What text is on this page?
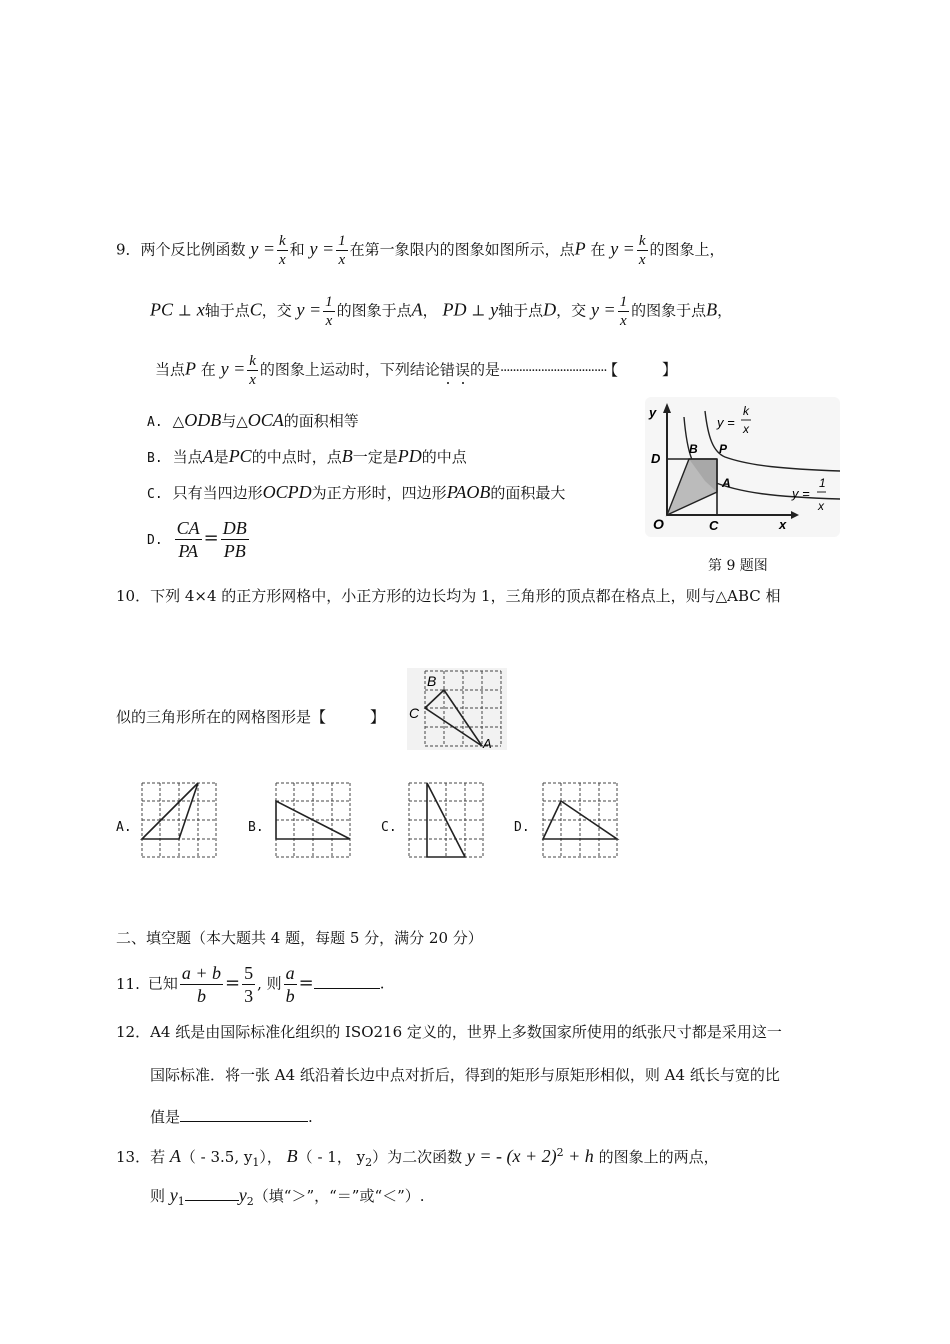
9．两个反比例函数 $y = \frac{k}{x}$ 和 $y = \frac{1}{x}$ 在第一象限内的图象如图所示，点P 在 $y = \frac{k}{x}$ 的图象上，
PC ⊥ x轴于点C，交 $y = \frac{1}{x}$ 的图象于点A， PD ⊥ y轴于点D，交 $y = \frac{1}{x}$ 的图象于点B，
当点P 在 $y = \frac{k}{x}$ 的图象上运动时，下列结论错误的是·································· 【	】
A. △ODB与△OCA的面积相等
B. 当点A是PC的中点时，点B一定是PD的中点
C. 只有当四边形OCPD为正方形时，四边形PAOB的面积最大
D. $\frac{CA}{PA} = \frac{DB}{PB}$
y
x
O	C
D
B P
A
y =
k
x
y =
1
x
第 9 题图
10．下列 4×4 的正方形网格中，小正方形的边长均为 1，三角形的顶点都在格点上，则与△ABC 相
似的三角形所在的网格图形是【	】
B
C
A
A.	B.	C.	D.
二、填空题（本大题共 4 题，每题 5 分，满分 20 分）
11. 已知 $\frac{a + b}{b} = \frac{5}{3}$ , 则 $\frac{a}{b}$ =	.
12．A4 纸是由国际标准化组织的 ISO216 定义的，世界上多数国家所使用的纸张尺寸都是采用这一
国际标准．将一张 A4 纸沿着长边中点对折后，得到的矩形与原矩形相似，则 A4 纸长与宽的比
值是	.
13．若 A（ - 3.5, $y_1$）， B（ - 1， $y_2$）为二次函数 y = - $(x + 2)^2 + h$ 的图象上的两点，
则 $y_1$	$y_2$（填“＞”，“＝”或“＜”）.
